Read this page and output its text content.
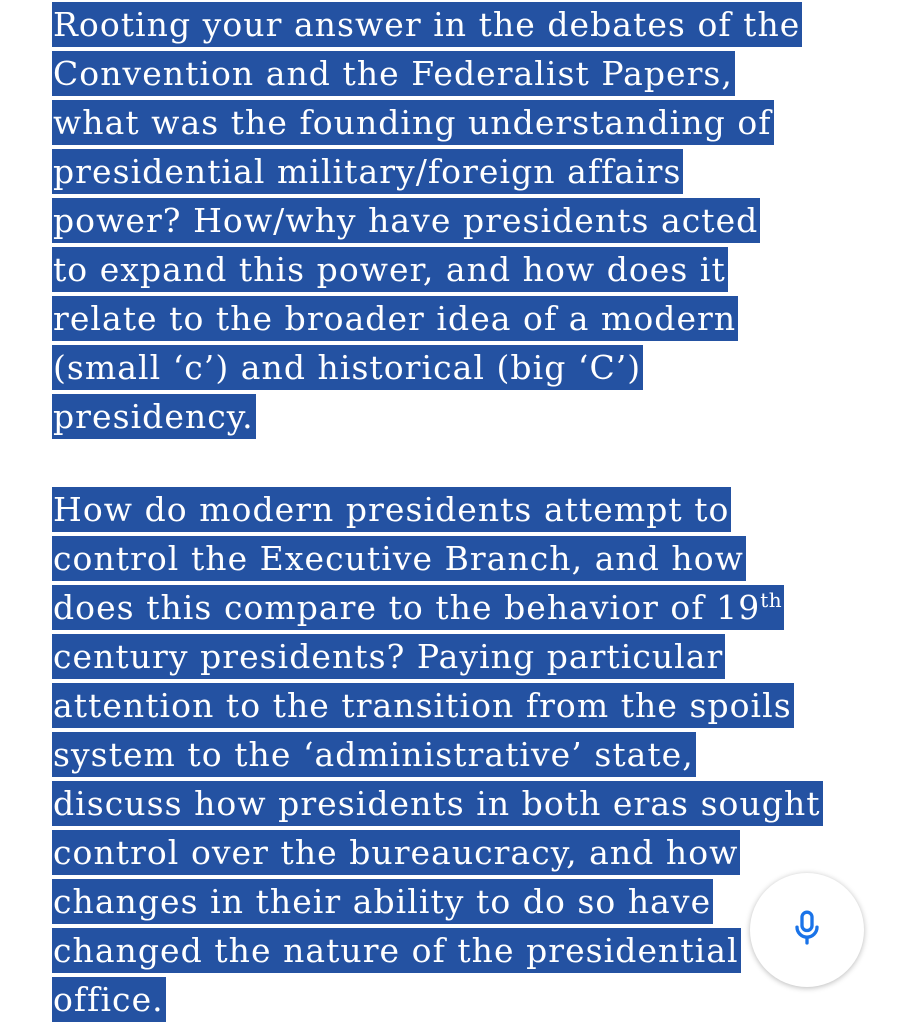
Rooting your answer in the debates of the
Convention and the Federalist Papers,
what was the founding understanding of
presidential military/foreign affairs
power? How/why have presidents acted
to expand this power, and how does it
relate to the broader idea of a modern
(small ‘c’) and historical (big ‘C’)
presidency.
How do modern presidents attempt to
control the Executive Branch, and how
does this compare to the behavior of 19th
century presidents? Paying particular
attention to the transition from the spoils
system to the ‘administrative’ state,
discuss how presidents in both eras sought
control over the bureaucracy, and how
changes in their ability to do so have
changed the nature of the presidential
office.
